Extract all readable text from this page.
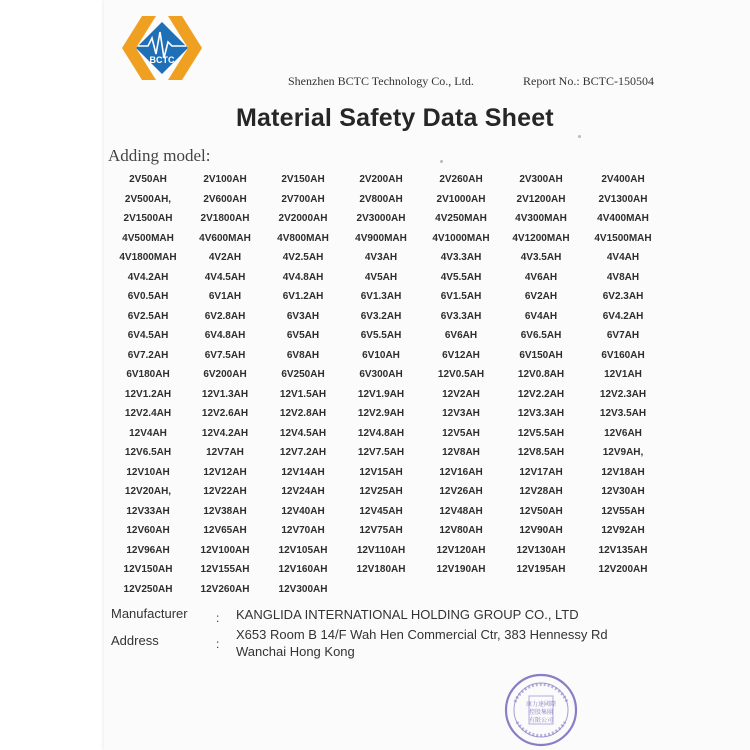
BCTC
Shenzhen BCTC Technology Co., Ltd.	Report No.: BCTC-150504
Material Safety Data Sheet
Adding model:
2V50AH	2V100AH	2V150AH	2V200AH	2V260AH	2V300AH	2V400AH
2V500AH,	2V600AH	2V700AH	2V800AH	2V1000AH	2V1200AH	2V1300AH
2V1500AH	2V1800AH	2V2000AH	2V3000AH	4V250MAH	4V300MAH	4V400MAH
4V500MAH	4V600MAH	4V800MAH	4V900MAH	4V1000MAH 4V1200MAH 4V1500MAH
4V1800MAH	4V2AH	4V2.5AH	4V3AH	4V3.3AH	4V3.5AH	4V4AH
4V4.2AH	4V4.5AH	4V4.8AH	4V5AH	4V5.5AH	4V6AH	4V8AH
6V0.5AH	6V1AH	6V1.2AH	6V1.3AH	6V1.5AH	6V2AH	6V2.3AH
6V2.5AH	6V2.8AH	6V3AH	6V3.2AH	6V3.3AH	6V4AH	6V4.2AH
6V4.5AH	6V4.8AH	6V5AH	6V5.5AH	6V6AH	6V6.5AH	6V7AH
6V7.2AH	6V7.5AH	6V8AH	6V10AH	6V12AH	6V150AH	6V160AH
6V180AH	6V200AH	6V250AH	6V300AH	12V0.5AH	12V0.8AH	12V1AH
12V1.2AH	12V1.3AH	12V1.5AH	12V1.9AH	12V2AH	12V2.2AH	12V2.3AH
12V2.4AH	12V2.6AH	12V2.8AH	12V2.9AH	12V3AH	12V3.3AH	12V3.5AH
12V4AH	12V4.2AH	12V4.5AH	12V4.8AH	12V5AH	12V5.5AH	12V6AH
12V6.5AH	12V7AH	12V7.2AH	12V7.5AH	12V8AH	12V8.5AH	12V9AH,
12V10AH	12V12AH	12V14AH	12V15AH	12V16AH	12V17AH	12V18AH
12V20AH,	12V22AH	12V24AH	12V25AH	12V26AH	12V28AH	12V30AH
12V33AH	12V38AH	12V40AH	12V45AH	12V48AH	12V50AH	12V55AH
12V60AH	12V65AH	12V70AH	12V75AH	12V80AH	12V90AH	12V92AH
12V96AH	12V100AH	12V105AH	12V110AH	12V120AH	12V130AH	12V135AH
12V150AH	12V155AH	12V160AH	12V180AH	12V190AH	12V195AH	12V200AH
12V250AH	12V260AH	12V300AH
Manufacturer : KANGLIDA INTERNATIONAL HOLDING GROUP CO., LTD
Address	:
X653 Room B 14/F Wah Hen Commercial Ctr, 383 Hennessy Rd
Wanchai Hong Kong
康力達國際
控股集團
有限公司
